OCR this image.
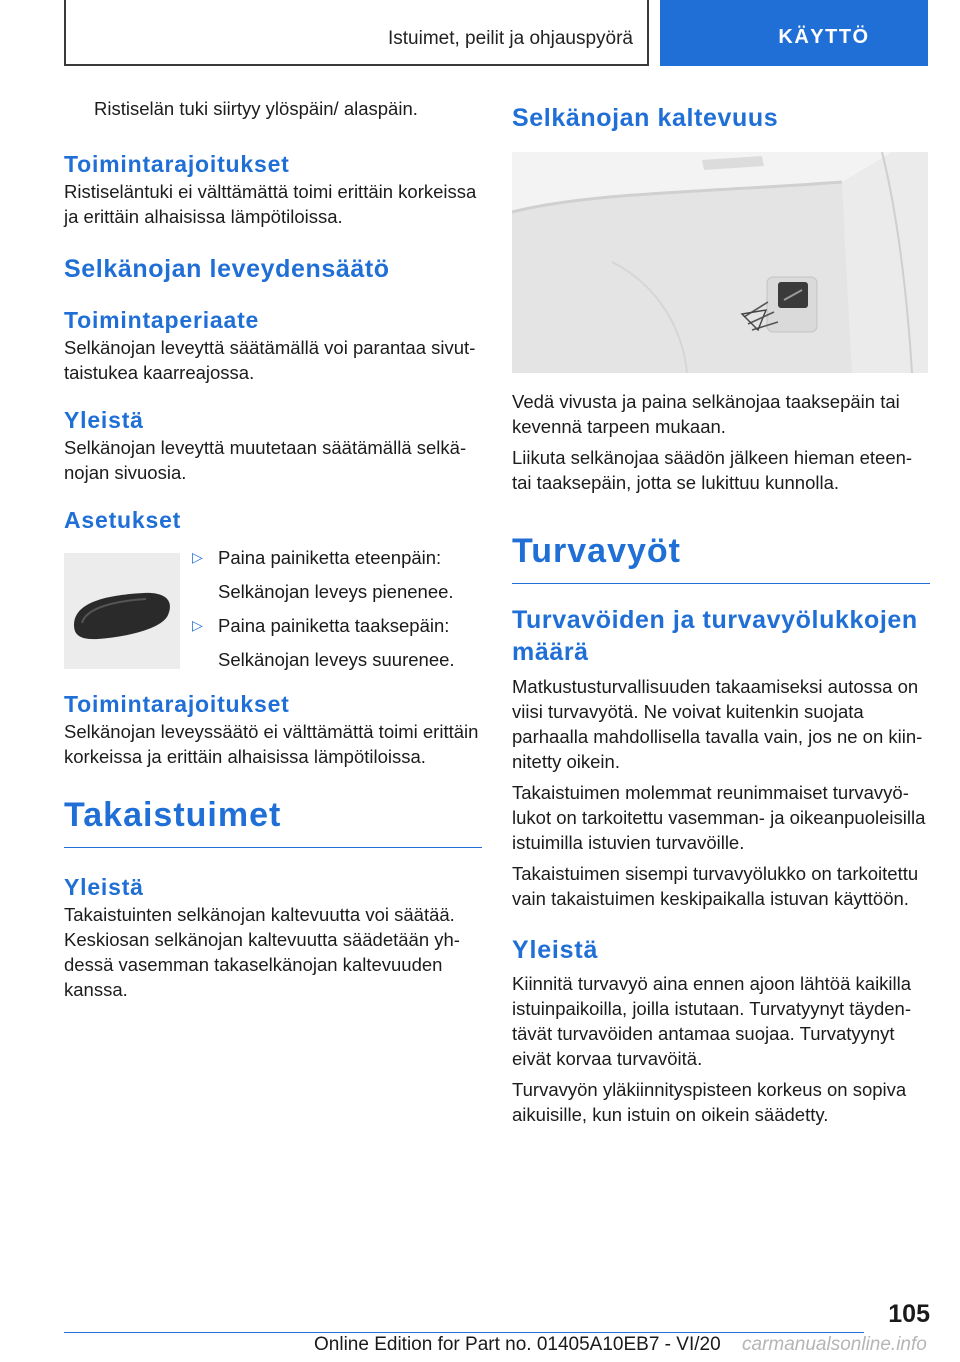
Istuimet, peilit ja ohjauspyörä	KÄYTTÖ

Ristiselän tuki siirtyy ylöspäin/ alaspäin.

Toimintarajoitukset

Ristiseläntuki ei välttämättä toimi erittäin korkeissa ja erittäin alhaisissa lämpötiloissa.

Selkänojan leveydensäätö
Toimintaperiaate

Selkänojan leveyttä säätämällä voi parantaa sivuttaistukea kaarreajossa.

Yleistä

Selkänojan leveyttä muutetaan säätämällä selkänojan sivuosia.

Asetukset
▷ Paina painiketta eteenpäin:
Selkänojan leveys pienenee.
▷ Paina painiketta taaksepäin:
Selkänojan leveys suurenee.
Toimintarajoitukset

Selkänojan leveyssäätö ei välttämättä toimi erittäin korkeissa ja erittäin alhaisissa lämpötiloissa.

Takaistuimet
Yleistä

Takaistuinten selkänojan kaltevuutta voi säätää. Keskiosan selkänojan kaltevuutta säädetään yhdessä vasemman takaselkänojan kaltevuuden kanssa.

Selkänojan kaltevuus

Vedä vivusta ja paina selkänojaa taaksepäin tai kevennä tarpeen mukaan.

Liikuta selkänojaa säädön jälkeen hieman eteen- tai taaksepäin, jotta se lukittuu kunnolla.

Turvavyöt
Turvavöiden ja turvavyölukkojen määrä

Matkustusturvallisuuden takaamiseksi autossa on viisi turvavyötä. Ne voivat kuitenkin suojata parhaalla mahdollisella tavalla vain, jos ne on kiinnitetty oikein.

Takaistuimen molemmat reunimmaiset turvavyölukot on tarkoitettu vasemman- ja oikeanpuoleisilla istuimilla istuvien turvavöille.

Takaistuimen sisempi turvavyölukko on tarkoitettu vain takaistuimen keskipaikalla istuvan käyttöön.

Yleistä

Kiinnitä turvavyö aina ennen ajoon lähtöä kaikilla istuinpaikoilla, joilla istutaan. Turvatyynyt täydentävät turvavöiden antamaa suojaa. Turvatyynyt eivät korvaa turvavöitä.

Turvavyön yläkiinnityspisteen korkeus on sopiva aikuisille, kun istuin on oikein säädetty.

105
Online Edition for Part no. 01405A10EB7 - VI/20 carmanualsonline.info
